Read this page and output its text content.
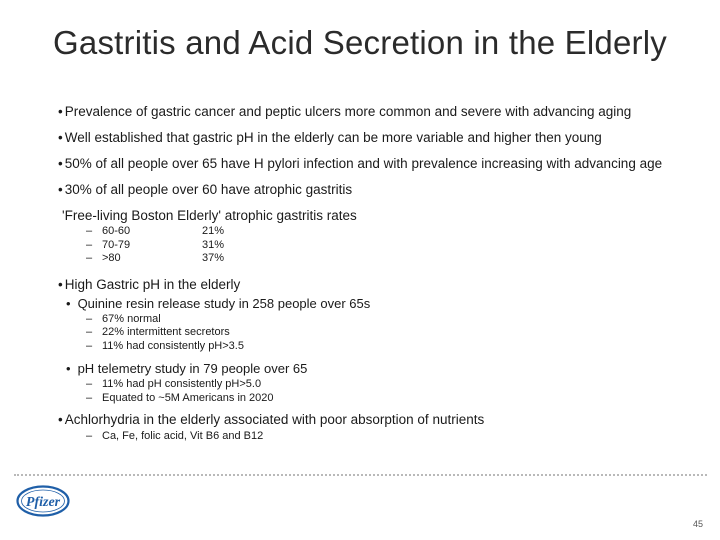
Gastritis and Acid Secretion in the Elderly
• Prevalence of gastric cancer and peptic ulcers more common and severe with advancing aging
• Well established that gastric pH in the elderly can be more variable and higher then young
• 50% of all people over 65 have H pylori infection and with prevalence increasing with advancing age
• 30% of all people over 60 have atrophic gastritis
'Free-living Boston Elderly' atrophic gastritis rates
–	60-60	21%
–	70-79	31%
–	>80	37%
• High Gastric pH in the elderly
• Quinine resin release study in 258 people over 65s
– 67% normal
– 22% intermittent secretors
– 11% had consistently pH>3.5
• pH telemetry study in 79 people over 65
– 11% had pH consistently pH>5.0
– Equated to ~5M Americans in 2020
• Achlorhydria in the elderly associated with poor absorption of nutrients
– Ca, Fe, folic acid, Vit B6 and B12
Pfizer
45
